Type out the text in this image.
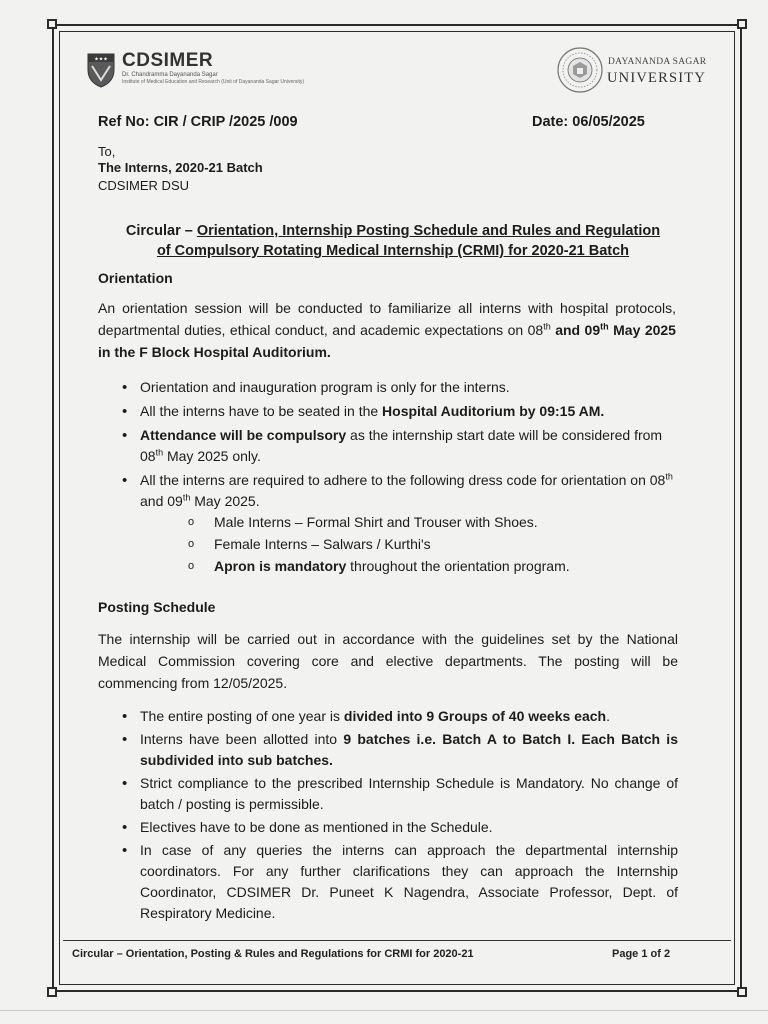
★★★ CDSIMER
Dr. Chandramma Dayananda Sagar
Institute of Medical Education and Research (Unit of Dayananda Sagar University)
DAYANANDA SAGAR
UNIVERSITY
Ref No: CIR / CRIP /2025 /009	Date: 06/05/2025
To,
The Interns, 2020-21 Batch
CDSIMER DSU
Circular – Orientation, Internship Posting Schedule and Rules and Regulation
of Compulsory Rotating Medical Internship (CRMI) for 2020-21 Batch
Orientation
An orientation session will be conducted to familiarize all interns with hospital protocols, departmental duties, ethical conduct, and academic expectations on 08th and 09th May 2025 in the F Block Hospital Auditorium.
• Orientation and inauguration program is only for the interns.
• All the interns have to be seated in the Hospital Auditorium by 09:15 AM.
• Attendance will be compulsory as the internship start date will be considered from 08th May 2025 only.
• All the interns are required to adhere to the following dress code for orientation on 08th and 09th May 2025.
o Male Interns – Formal Shirt and Trouser with Shoes.
o Female Interns – Salwars / Kurthi's
o Apron is mandatory throughout the orientation program.
Posting Schedule
The internship will be carried out in accordance with the guidelines set by the National Medical Commission covering core and elective departments. The posting will be commencing from 12/05/2025.
• The entire posting of one year is divided into 9 Groups of 40 weeks each.
• Interns have been allotted into 9 batches i.e. Batch A to Batch I. Each Batch is subdivided into sub batches.
• Strict compliance to the prescribed Internship Schedule is Mandatory. No change of batch / posting is permissible.
• Electives have to be done as mentioned in the Schedule.
• In case of any queries the interns can approach the departmental internship coordinators. For any further clarifications they can approach the Internship Coordinator, CDSIMER Dr. Puneet K Nagendra, Associate Professor, Dept. of Respiratory Medicine.
Circular – Orientation, Posting & Rules and Regulations for CRMI for 2020-21	Page 1 of 2
